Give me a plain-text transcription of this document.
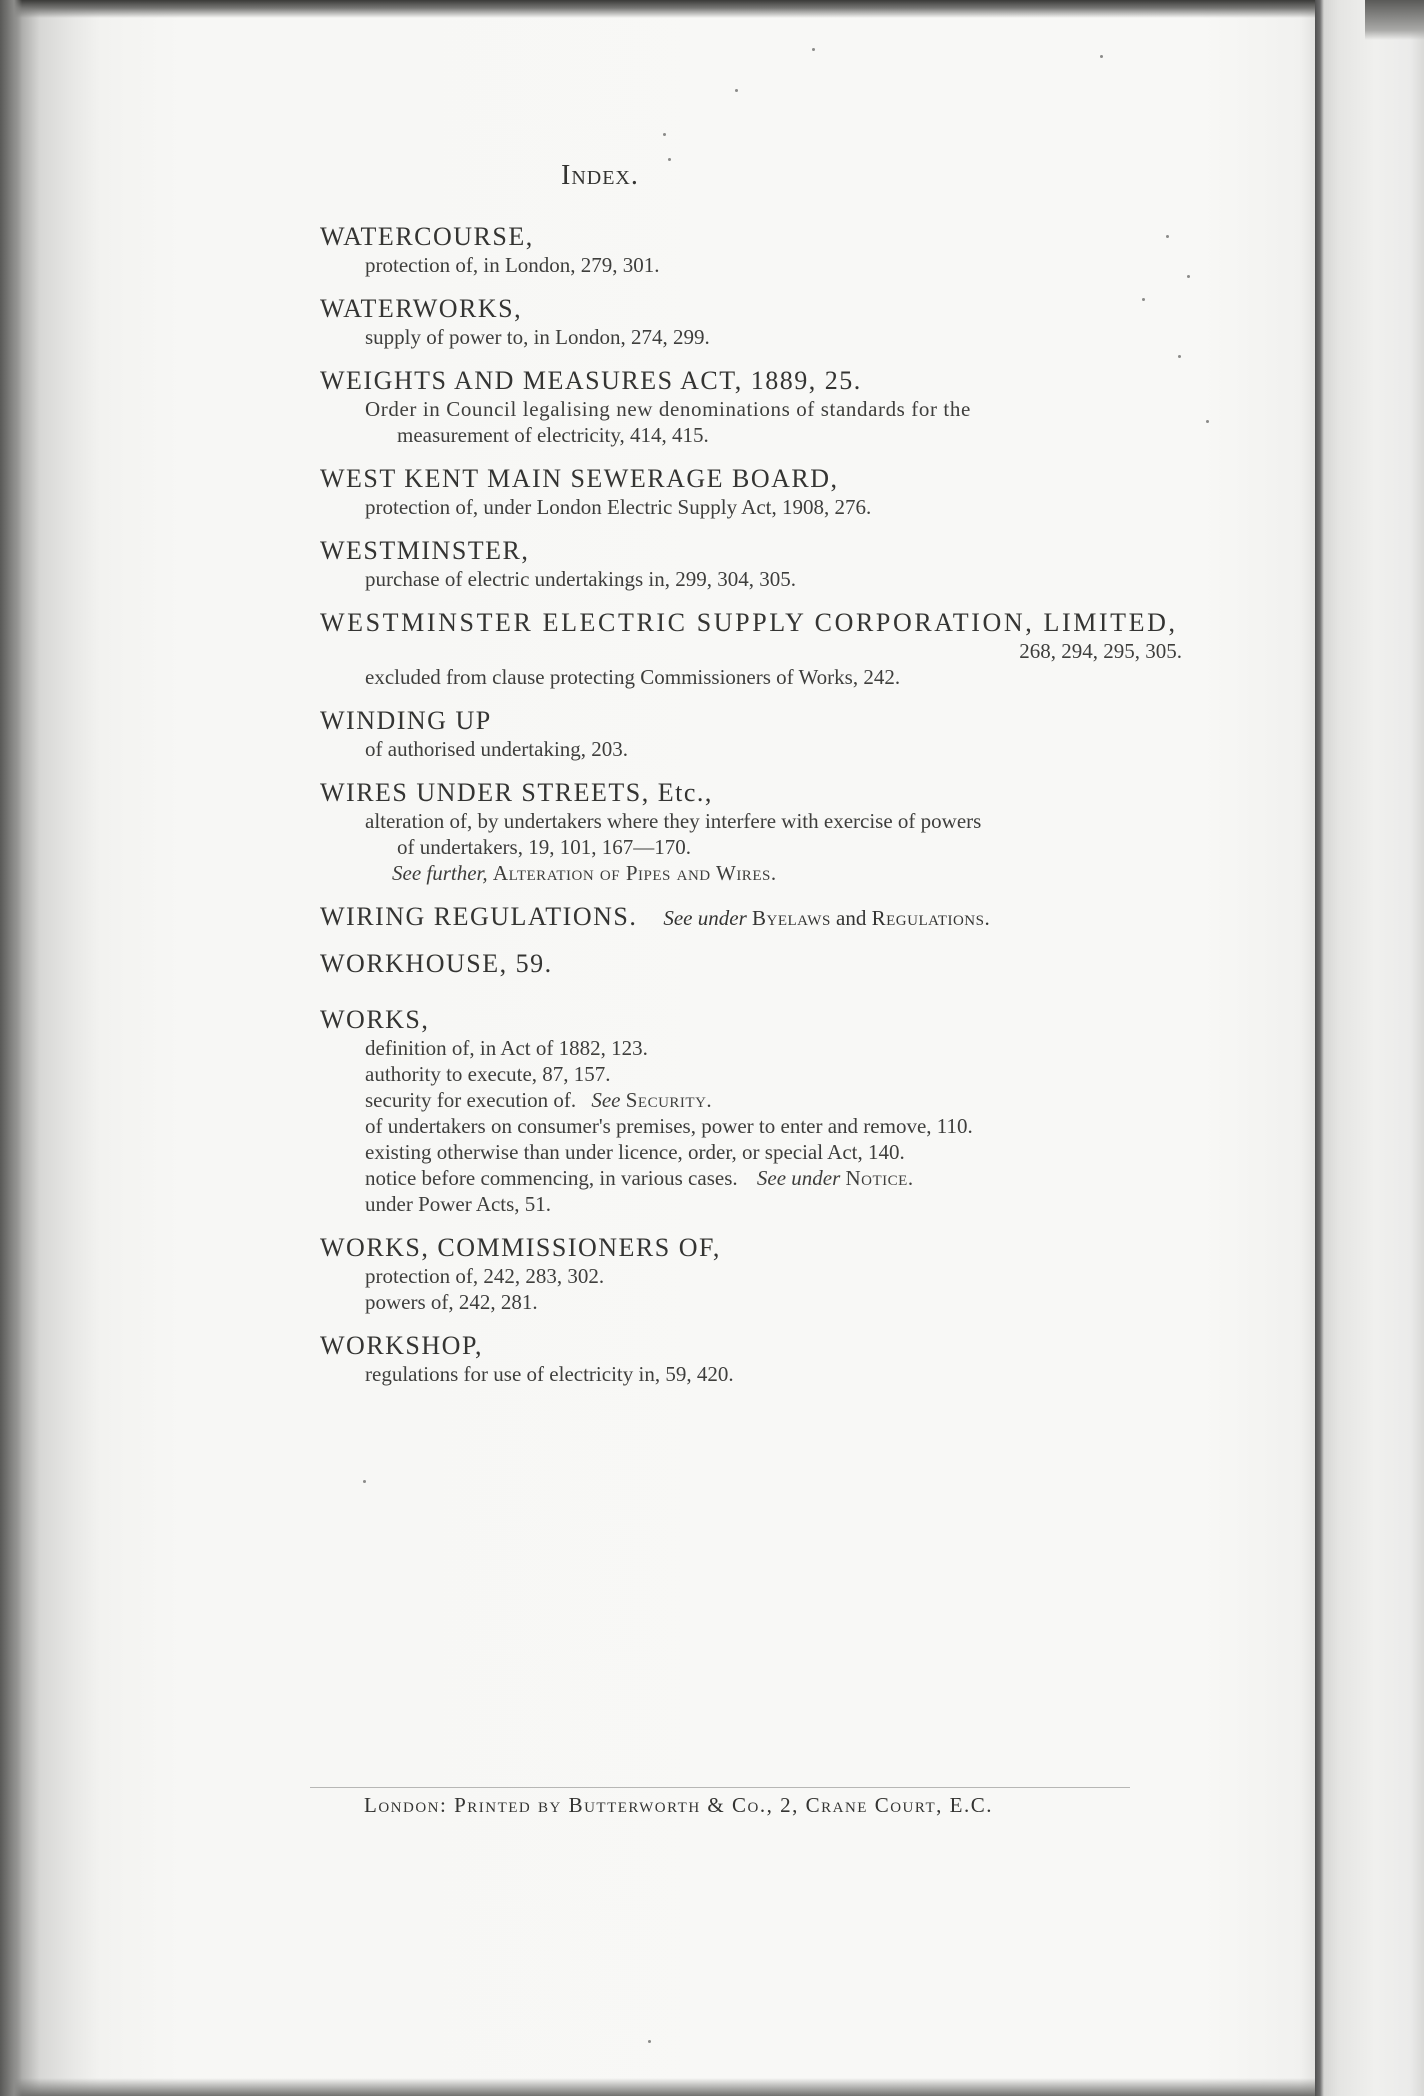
Index.
WATERCOURSE,
protection of, in London, 279, 301.
WATERWORKS,
supply of power to, in London, 274, 299.
WEIGHTS AND MEASURES ACT, 1889, 25.
Order in Council legalising new denominations of standards for the
measurement of electricity, 414, 415.
WEST KENT MAIN SEWERAGE BOARD,
protection of, under London Electric Supply Act, 1908, 276.
WESTMINSTER,
purchase of electric undertakings in, 299, 304, 305.
WESTMINSTER ELECTRIC SUPPLY CORPORATION, LIMITED,
268, 294, 295, 305.
excluded from clause protecting Commissioners of Works, 242.
WINDING UP
of authorised undertaking, 203.
WIRES UNDER STREETS, Etc.,
alteration of, by undertakers where they interfere with exercise of powers
of undertakers, 19, 101, 167—170.
See further, Alteration of Pipes and Wires.
WIRING REGULATIONS. See under Byelaws and Regulations.
WORKHOUSE, 59.
WORKS,
definition of, in Act of 1882, 123.
authority to execute, 87, 157.
security for execution of. See Security.
of undertakers on consumer's premises, power to enter and remove, 110.
existing otherwise than under licence, order, or special Act, 140.
notice before commencing, in various cases. See under Notice.
under Power Acts, 51.
WORKS, COMMISSIONERS OF,
protection of, 242, 283, 302.
powers of, 242, 281.
WORKSHOP,
regulations for use of electricity in, 59, 420.
London: Printed by Butterworth & Co., 2, Crane Court, E.C.
